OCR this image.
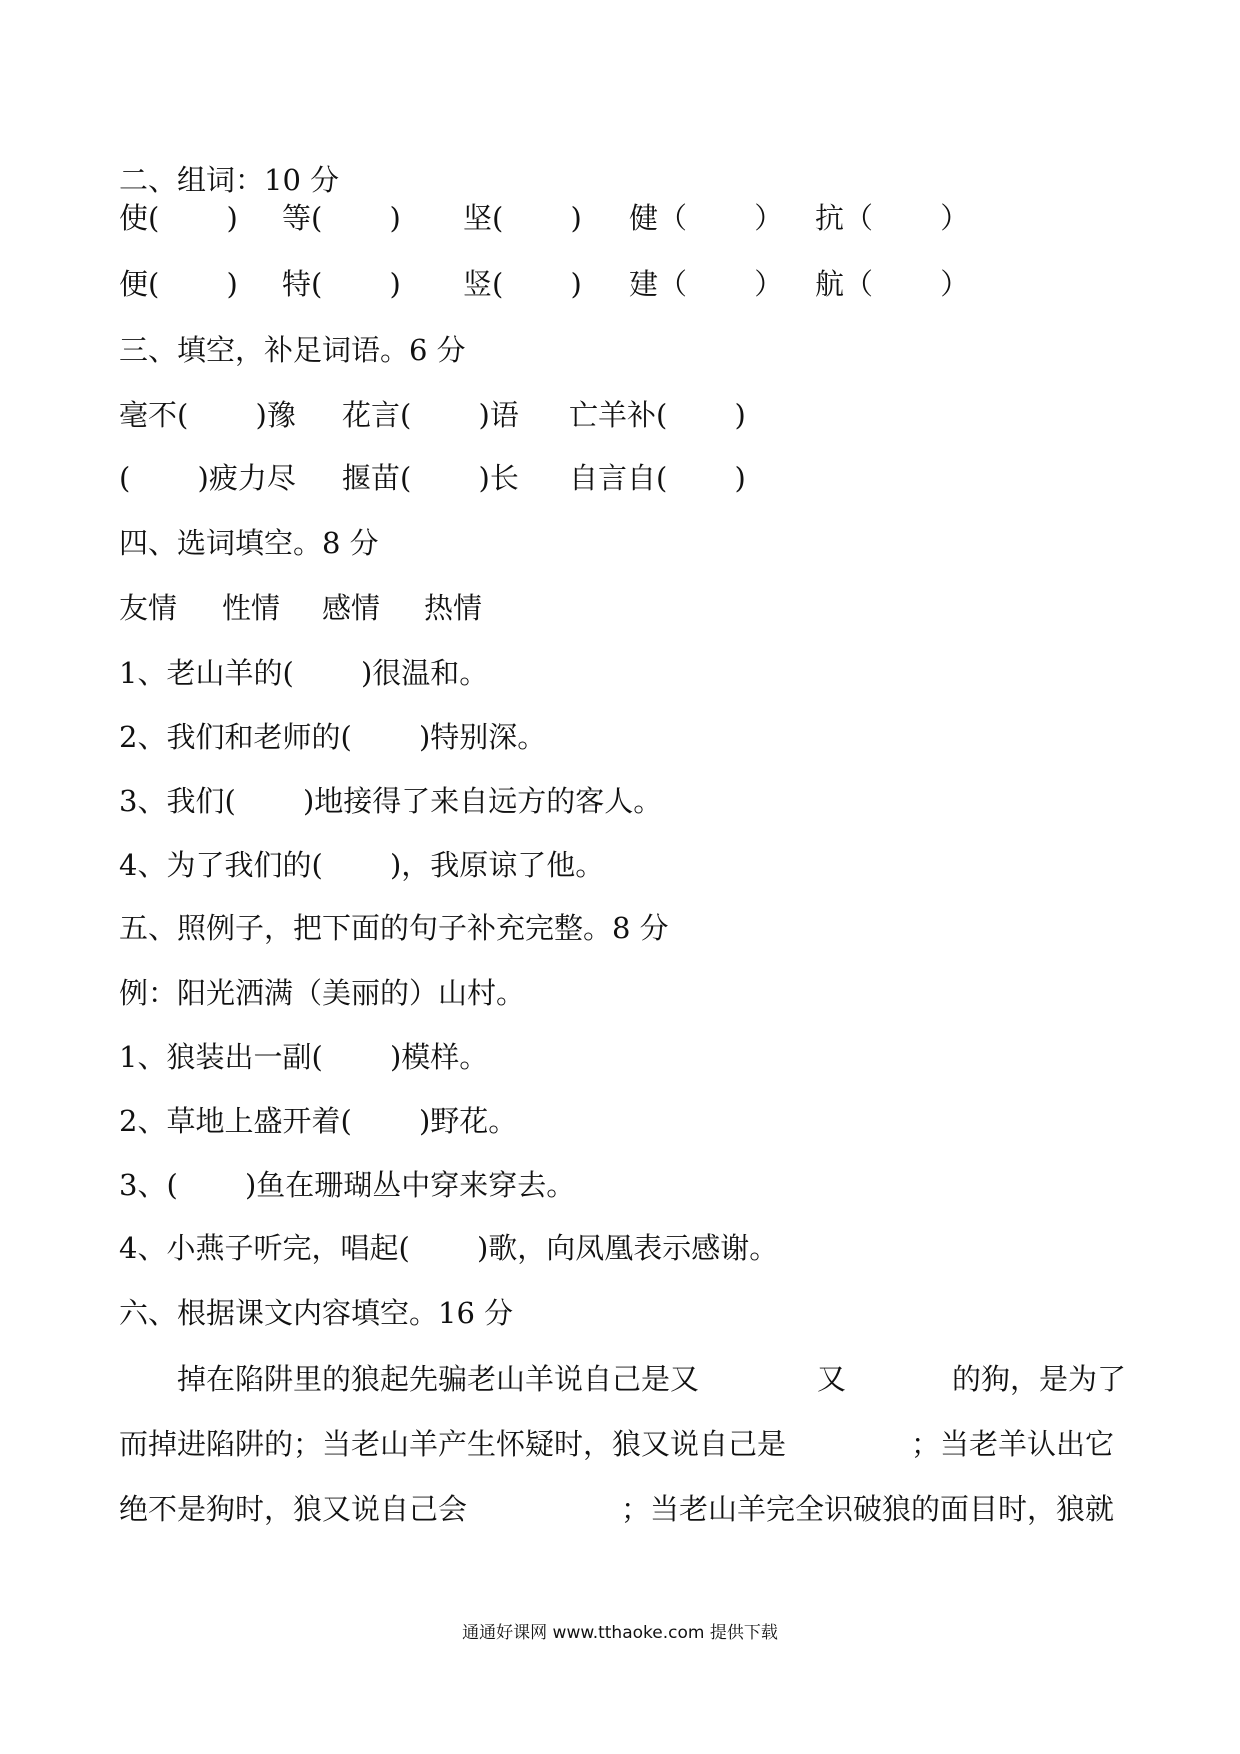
二、组词：10 分
使(　　 ) 等(　　 ) 坚(　　 ) 健（　　 ） 抗（　　 ）
便(　　 ) 特(　　 ) 竖(　　 ) 建（　　 ） 航（　　 ）
三、填空，补足词语。6 分
毫不(　　 )豫 花言(　　 )语 亡羊补(　　 )
(　　 )疲力尽 揠苗(　　 )长 自言自(　　 )
四、选词填空。8 分
友情 性情 感情 热情
1、老山羊的(　　 )很温和。
2、我们和老师的(　　 )特别深。
3、我们(　　 )地接得了来自远方的客人。
4、为了我们的(　　 )，我原谅了他。
五、照例子，把下面的句子补充完整。8 分
例：阳光洒满（美丽的）山村。
1、狼装出一副(　　 )模样。
2、草地上盛开着(　　 )野花。
3、(　　 )鱼在珊瑚丛中穿来穿去。
4、小燕子听完，唱起(　　 )歌，向凤凰表示感谢。
六、根据课文内容填空。16 分

　　掉在陷阱里的狼起先骗老山羊说自己是又

	又

	的狗，是为了

而掉进陷阱的；当老山羊产生怀疑时，狼又说自己是

	；当老羊认出它

绝不是狗时，狼又说自己会

	；当老山羊完全识破狼的面目时，狼就

通通好课网 www.tthaoke.com 提供下载
